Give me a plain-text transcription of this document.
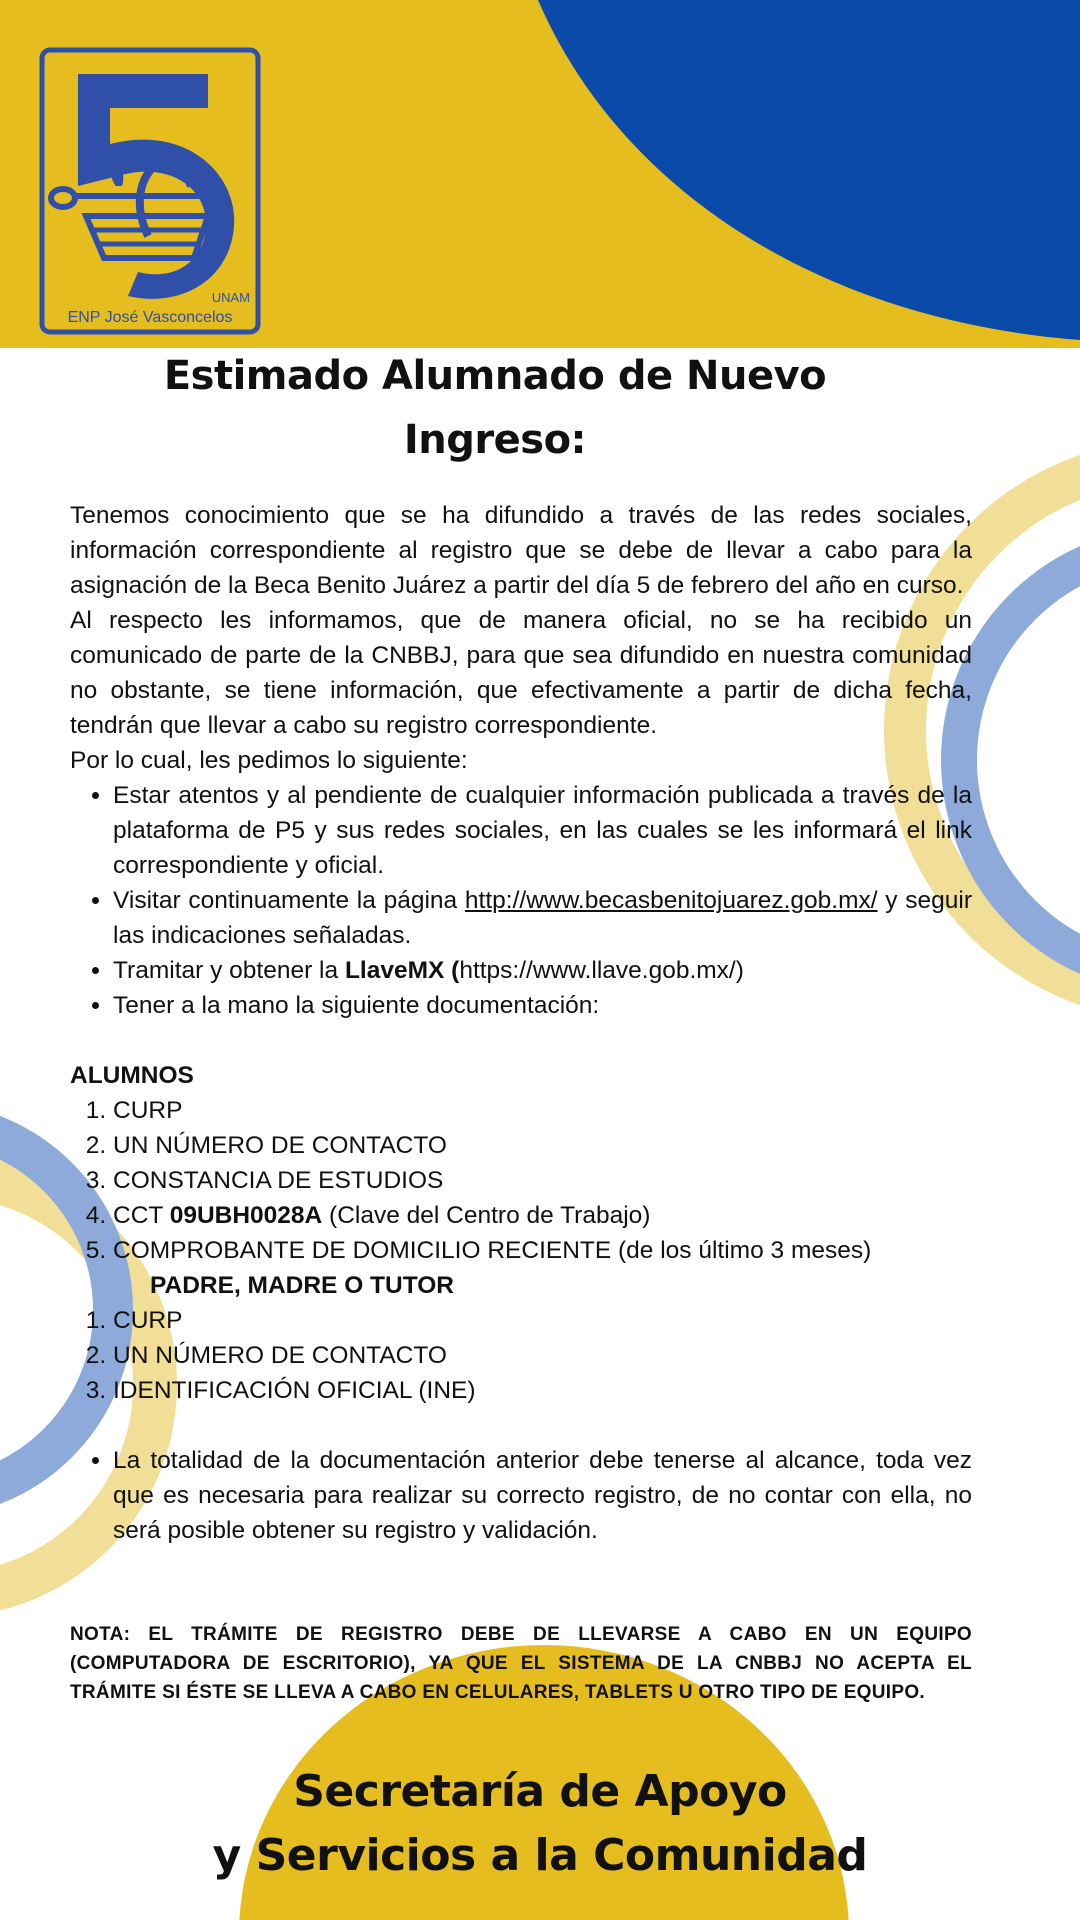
UNAM
ENP José Vasconcelos
Estimado Alumnado de Nuevo
Ingreso:

Tenemos conocimiento que se ha difundido a través de las redes sociales, información correspondiente al registro que se debe de llevar a cabo para la asignación de la Beca Benito Juárez a partir del día 5 de febrero del año en curso.

Al respecto les informamos, que de manera oficial, no se ha recibido un comunicado de parte de la CNBBJ, para que sea difundido en nuestra comunidad no obstante, se tiene información, que efectivamente a partir de dicha fecha, tendrán que llevar a cabo su registro correspondiente.

Por lo cual, les pedimos lo siguiente:

• Estar atentos y al pendiente de cualquier información publicada a través de la plataforma de P5 y sus redes sociales, en las cuales se les informará el link correspondiente y oficial.
• Visitar continuamente la página http://www.becasbenitojuarez.gob.mx/ y seguir las indicaciones señaladas.
• Tramitar y obtener la LlaveMX (https://www.llave.gob.mx/)
• Tener a la mano la siguiente documentación:
ALUMNOS
1. CURP
2. UN NÚMERO DE CONTACTO
3. CONSTANCIA DE ESTUDIOS
4. CCT 09UBH0028A (Clave del Centro de Trabajo)
5. COMPROBANTE DE DOMICILIO RECIENTE (de los último 3 meses)
PADRE, MADRE O TUTOR
1. CURP
2. UN NÚMERO DE CONTACTO
3. IDENTIFICACIÓN OFICIAL (INE)
• La totalidad de la documentación anterior debe tenerse al alcance, toda vez que es necesaria para realizar su correcto registro, de no contar con ella, no será posible obtener su registro y validación.
NOTA: EL TRÁMITE DE REGISTRO DEBE DE LLEVARSE A CABO EN UN EQUIPO (COMPUTADORA DE ESCRITORIO), YA QUE EL SISTEMA DE LA CNBBJ NO ACEPTA EL TRÁMITE SI ÉSTE SE LLEVA A CABO EN CELULARES, TABLETS U OTRO TIPO DE EQUIPO.
Secretaría de Apoyo
y Servicios a la Comunidad
